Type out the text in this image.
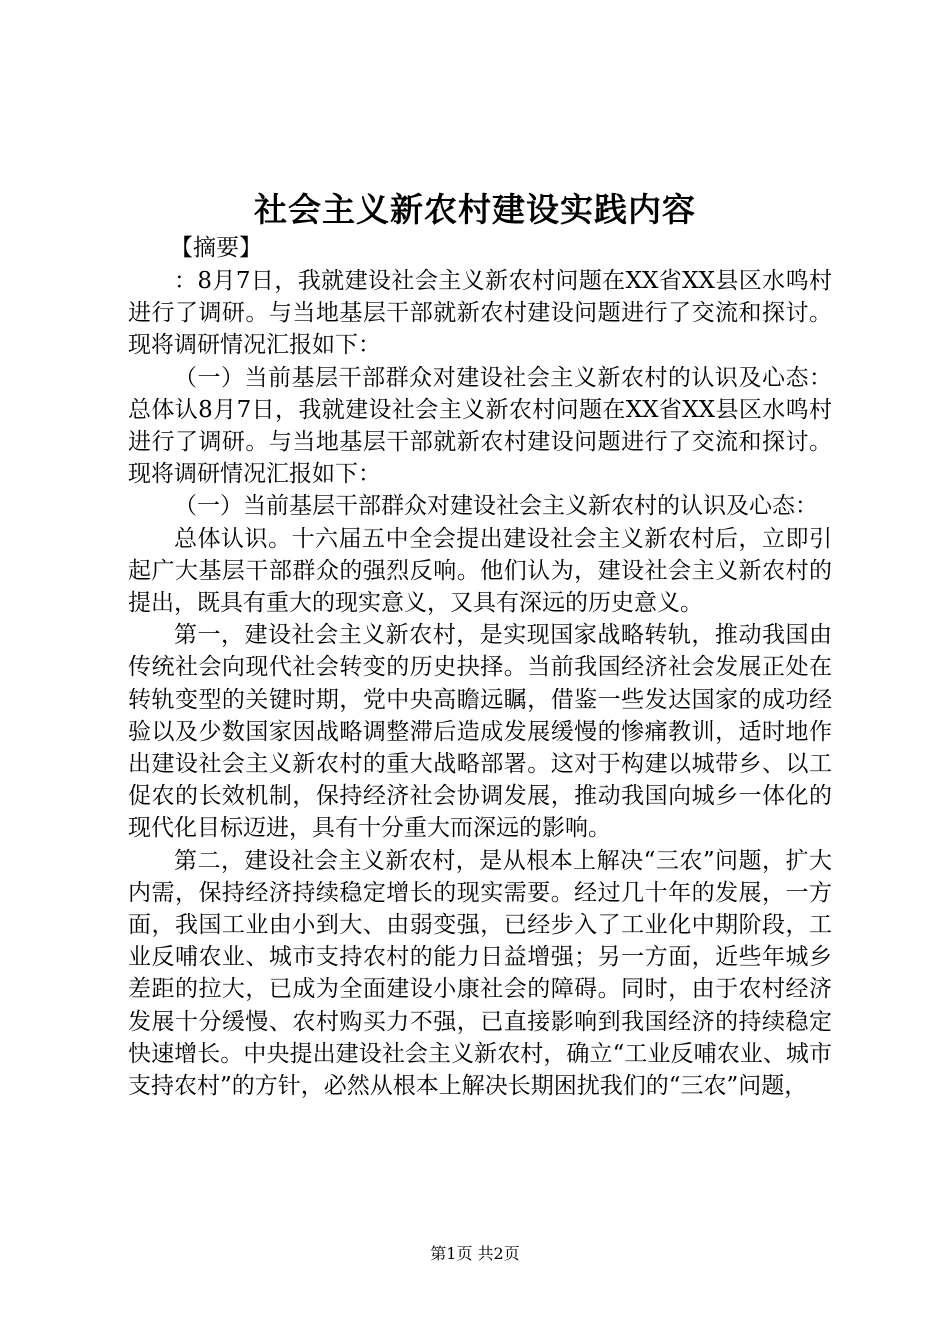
社会主义新农村建设实践内容
【摘要】

：8月7日，我就建设社会主义新农村问题在XX省XX县区水鸣村进行了调研。与当地基层干部就新农村建设问题进行了交流和探讨。现将调研情况汇报如下：

（一）当前基层干部群众对建设社会主义新农村的认识及心态：总体认8月7日，我就建设社会主义新农村问题在XX省XX县区水鸣村进行了调研。与当地基层干部就新农村建设问题进行了交流和探讨。现将调研情况汇报如下：

（一）当前基层干部群众对建设社会主义新农村的认识及心态：

总体认识。十六届五中全会提出建设社会主义新农村后，立即引起广大基层干部群众的强烈反响。他们认为，建设社会主义新农村的提出，既具有重大的现实意义，又具有深远的历史意义。

第一，建设社会主义新农村，是实现国家战略转轨，推动我国由传统社会向现代社会转变的历史抉择。当前我国经济社会发展正处在转轨变型的关键时期，党中央高瞻远瞩，借鉴一些发达国家的成功经验以及少数国家因战略调整滞后造成发展缓慢的惨痛教训，适时地作出建设社会主义新农村的重大战略部署。这对于构建以城带乡、以工促农的长效机制，保持经济社会协调发展，推动我国向城乡一体化的现代化目标迈进，具有十分重大而深远的影响。

第二，建设社会主义新农村，是从根本上解决“三农”问题，扩大内需，保持经济持续稳定增长的现实需要。经过几十年的发展，一方面，我国工业由小到大、由弱变强，已经步入了工业化中期阶段，工业反哺农业、城市支持农村的能力日益增强；另一方面，近些年城乡差距的拉大，已成为全面建设小康社会的障碍。同时，由于农村经济发展十分缓慢、农村购买力不强，已直接影响到我国经济的持续稳定快速增长。中央提出建设社会主义新农村，确立“工业反哺农业、城市支持农村”的方针，必然从根本上解决长期困扰我们的“三农”问题，

第1页 共2页
